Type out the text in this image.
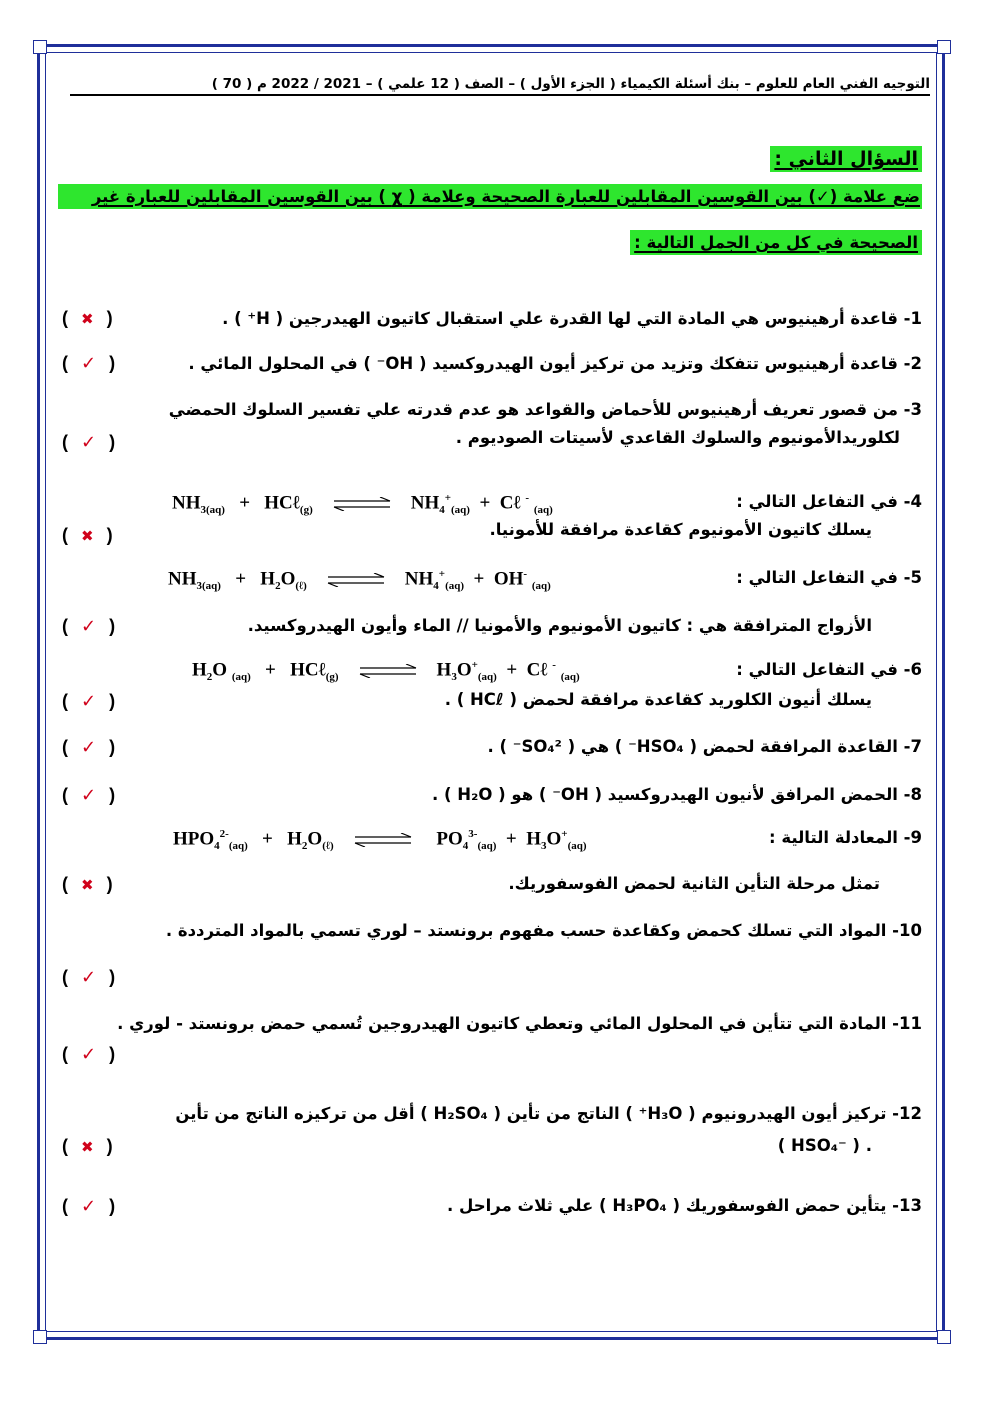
التوجيه الفني العام للعلوم – بنك أسئلة الكيمياء ( الجزء الأول ) – الصف ( 12 علمي ) – 2021 / 2022 م ( 70 )
السؤال الثاني :
ضع علامة (✓) بين القوسين المقابلين للعبارة الصحيحة وعلامة ( χ ) بين القوسين المقابلين للعبارة غير
الصحيحة في كل من الجمل التالية :
1- قاعدة أرهينيوس هي المادة التي لها القدرة علي استقبال كاتيون الهيدرجين ( H⁺ ) .
( ✖ )
2- قاعدة أرهينيوس تتفكك وتزيد من تركيز أيون الهيدروكسيد ( OH⁻ ) في المحلول المائي .
( ✓ )
3- من قصور تعريف أرهينيوس للأحماض والقواعد هو عدم قدرته علي تفسير السلوك الحمضي
لكلوريدالأمونيوم والسلوك القاعدي لأسيتات الصوديوم .
( ✓ )
4- في التفاعل التالي :
$NH_{3(aq)}$   +   HCℓ$_{(g)}$ ⇌ $NH_4^+_{(aq)}$  +  Cℓ - $_{(aq)}$
يسلك كاتيون الأمونيوم كقاعدة مرافقة للأمونيا.
( ✖ )
5- في التفاعل التالي :
$NH_{3(aq)} + H_2O_{(\ell)}$ ⇌ $NH_4^+_{(aq)} + OH^-$ $_{(aq)}$
الأزواج المترافقة هي : كاتيون الأمونيوم والأمونيا // الماء وأيون الهيدروكسيد.
( ✓ )
6- في التفاعل التالي :
$H_2O$ $_{(aq)}$   +   HCℓ$_{(g)}$ ⇌ $H_3O^+_{(aq)}$  +  Cℓ - $_{(aq)}$
يسلك أنيون الكلوريد كقاعدة مرافقة لحمض ( HCℓ ) .
( ✓ )
7- القاعدة المرافقة لحمض ( HSO₄⁻ ) هي ( SO₄²⁻ ) .
( ✓ )
8- الحمض المرافق لأنيون الهيدروكسيد ( OH⁻ ) هو ( H₂O ) .
( ✓ )
9- المعادلة التالية :
$HPO_4^{2-}_{(aq)} + H_2O_{(\ell)}$ ⇌ $PO_4^{3-}_{(aq)} + H_3O^+_{(aq)}$
تمثل مرحلة التأين الثانية لحمض الفوسفوريك.
( ✖ )
10- المواد التي تسلك كحمض وكقاعدة حسب مفهوم برونستد – لوري تسمي بالمواد المترددة .
( ✓ )
11- المادة التي تتأين في المحلول المائي وتعطي كاتيون الهيدروجين تُسمي حمض برونستد - لوري .
( ✓ )
12- تركيز أيون الهيدرونيوم ( H₃O⁺ ) الناتج من تأين ( H₂SO₄ ) أقل من تركيزه الناتج من تأين
( HSO₄⁻ ) .
( ✖ )
13- يتأين حمض الفوسفوريك ( H₃PO₄ ) علي ثلاث مراحل .
( ✓ )
